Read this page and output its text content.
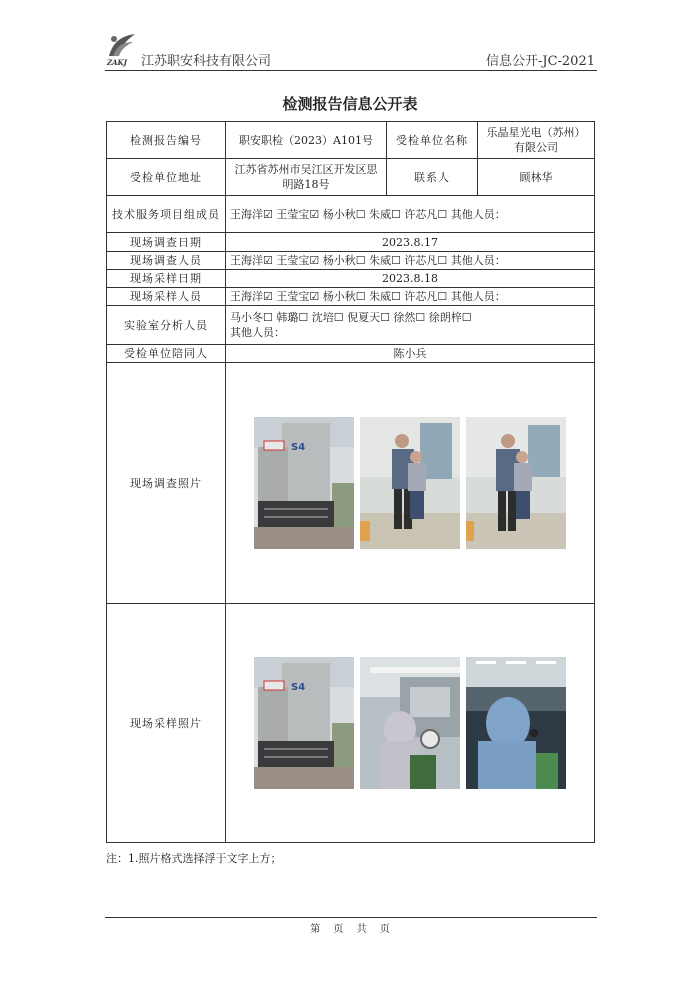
ZAKJ 江苏职安科技有限公司	信息公开-JC-2021
检测报告信息公开表
检测报告编号	职安职检（2023）A101号	受检单位名称	乐晶星光电（苏州）有限公司
受检单位地址	江苏省苏州市吴江区开发区思明路18号	联系人	顾林华
技术服务项目组成员	王海洋☑ 王莹宝☑ 杨小秋☐ 朱威☐ 许芯凡☐ 其他人员：		
现场调查日期	2023.8.17		
现场调查人员	王海洋☑ 王莹宝☑ 杨小秋☐ 朱威☐ 许芯凡☐ 其他人员：		
现场采样日期	2023.8.18		
现场采样人员	王海洋☑ 王莹宝☑ 杨小秋☐ 朱威☐ 许芯凡☐ 其他人员：		
实验室分析人员	马小冬☐ 韩璐☐ 沈培☐ 倪夏天☐ 徐然☐ 徐朗梓☐
其他人员：		

受检单位陪同人	陈小兵		
现场调查照片	S4		

现场采样照片	S4		
注：1.照片格式选择浮于文字上方；
第 页 共 页
